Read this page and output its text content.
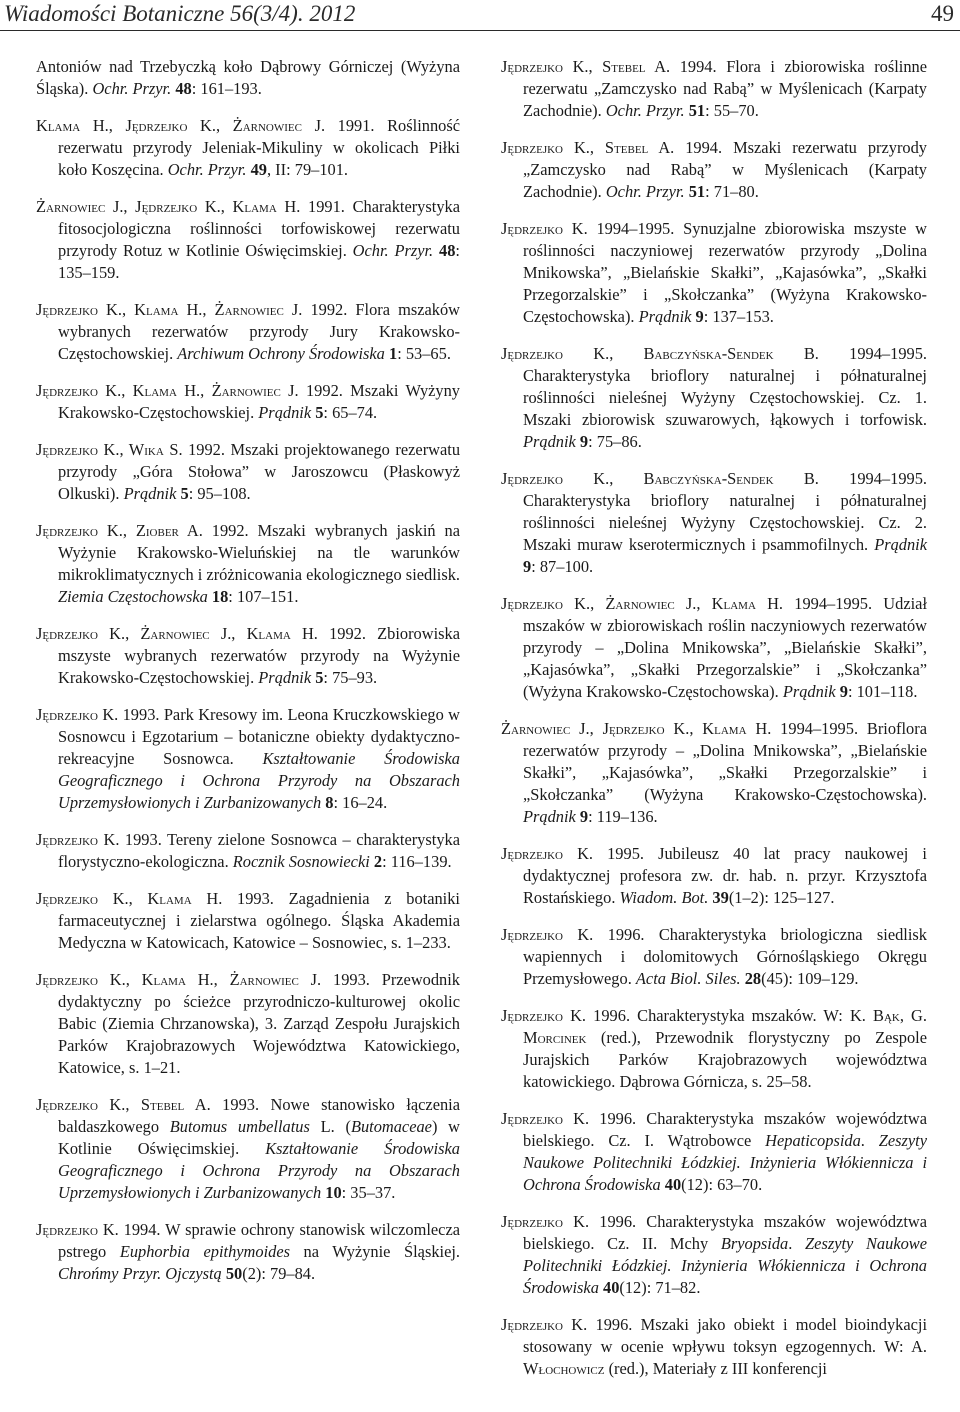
Wiadomości Botaniczne 56(3/4). 2012	49

Antoniów nad Trzebyczką koło Dąbrowy Górniczej (Wyżyna Śląska). Ochr. Przyr. 48: 161–193.

Klama H., Jędrzejko K., Żarnowiec J. 1991. Roślinność rezerwatu przyrody Jeleniak-Mikuliny w okolicach Piłki koło Koszęcina. Ochr. Przyr. 49, II: 79–101.

Żarnowiec J., Jędrzejko K., Klama H. 1991. Charakterystyka fitosocjologiczna roślinności torfowiskowej rezerwatu przyrody Rotuz w Kotlinie Oświęcimskiej. Ochr. Przyr. 48: 135–159.

Jędrzejko K., Klama H., Żarnowiec J. 1992. Flora mszaków wybranych rezerwatów przyrody Jury Krakowsko-Częstochowskiej. Archiwum Ochrony Środowiska 1: 53–65.

Jędrzejko K., Klama H., Żarnowiec J. 1992. Mszaki Wyżyny Krakowsko-Częstochowskiej. Prądnik 5: 65–74.

Jędrzejko K., Wika S. 1992. Mszaki projektowanego rezerwatu przyrody „Góra Stołowa” w Jaroszowcu (Płaskowyż Olkuski). Prądnik 5: 95–108.

Jędrzejko K., Ziober A. 1992. Mszaki wybranych jaskiń na Wyżynie Krakowsko-Wieluńskiej na tle warunków mikroklimatycznych i zróżnicowania ekologicznego siedlisk. Ziemia Częstochowska 18: 107–151.

Jędrzejko K., Żarnowiec J., Klama H. 1992. Zbiorowiska mszyste wybranych rezerwatów przyrody na Wyżynie Krakowsko-Częstochowskiej. Prądnik 5: 75–93.

Jędrzejko K. 1993. Park Kresowy im. Leona Kruczkowskiego w Sosnowcu i Egzotarium – botaniczne obiekty dydaktyczno-rekreacyjne Sosnowca. Kształtowanie Środowiska Geograficznego i Ochrona Przyrody na Obszarach Uprzemysłowionych i Zurbanizowanych 8: 16–24.

Jędrzejko K. 1993. Tereny zielone Sosnowca – charakterystyka florystyczno-ekologiczna. Rocznik Sosnowiecki 2: 116–139.

Jędrzejko K., Klama H. 1993. Zagadnienia z botaniki farmaceutycznej i zielarstwa ogólnego. Śląska Akademia Medyczna w Katowicach, Katowice – Sosnowiec, s. 1–233.

Jędrzejko K., Klama H., Żarnowiec J. 1993. Przewodnik dydaktyczny po ścieżce przyrodniczo-kulturowej okolic Babic (Ziemia Chrzanowska), 3. Zarząd Zespołu Jurajskich Parków Krajobrazowych Województwa Katowickiego, Katowice, s. 1–21.

Jędrzejko K., Stebel A. 1993. Nowe stanowisko łączenia baldaszkowego Butomus umbellatus L. (Butomaceae) w Kotlinie Oświęcimskiej. Kształtowanie Środowiska Geograficznego i Ochrona Przyrody na Obszarach Uprzemysłowionych i Zurbanizowanych 10: 35–37.

Jędrzejko K. 1994. W sprawie ochrony stanowisk wilczomlecza pstrego Euphorbia epithymoides na Wyżynie Śląskiej. Chrońmy Przyr. Ojczystą 50(2): 79–84.

Jędrzejko K., Stebel A. 1994. Flora i zbiorowiska roślinne rezerwatu „Zamczysko nad Rabą” w Myślenicach (Karpaty Zachodnie). Ochr. Przyr. 51: 55–70.

Jędrzejko K., Stebel A. 1994. Mszaki rezerwatu przyrody „Zamczysko nad Rabą” w Myślenicach (Karpaty Zachodnie). Ochr. Przyr. 51: 71–80.

Jędrzejko K. 1994–1995. Synuzjalne zbiorowiska mszyste w roślinności naczyniowej rezerwatów przyrody „Dolina Mnikowska”, „Bielańskie Skałki”, „Kajasówka”, „Skałki Przegorzalskie” i „Skołczanka” (Wyżyna Krakowsko-Częstochowska). Prądnik 9: 137–153.

Jędrzejko K., Babczyńska-Sendek B. 1994–1995. Charakterystyka brioflory naturalnej i półnaturalnej roślinności nieleśnej Wyżyny Częstochowskiej. Cz. 1. Mszaki zbiorowisk szuwarowych, łąkowych i torfowisk. Prądnik 9: 75–86.

Jędrzejko K., Babczyńska-Sendek B. 1994–1995. Charakterystyka brioflory naturalnej i półnaturalnej roślinności nieleśnej Wyżyny Częstochowskiej. Cz. 2. Mszaki muraw kserotermicznych i psammofilnych. Prądnik 9: 87–100.

Jędrzejko K., Żarnowiec J., Klama H. 1994–1995. Udział mszaków w zbiorowiskach roślin naczyniowych rezerwatów przyrody – „Dolina Mnikowska”, „Bielańskie Skałki”, „Kajasówka”, „Skałki Przegorzalskie” i „Skołczanka” (Wyżyna Krakowsko-Częstochowska). Prądnik 9: 101–118.

Żarnowiec J., Jędrzejko K., Klama H. 1994–1995. Brioflora rezerwatów przyrody – „Dolina Mnikowska”, „Bielańskie Skałki”, „Kajasówka”, „Skałki Przegorzalskie” i „Skołczanka” (Wyżyna Krakowsko-Częstochowska). Prądnik 9: 119–136.

Jędrzejko K. 1995. Jubileusz 40 lat pracy naukowej i dydaktycznej profesora zw. dr. hab. n. przyr. Krzysztofa Rostańskiego. Wiadom. Bot. 39(1–2): 125–127.

Jędrzejko K. 1996. Charakterystyka briologiczna siedlisk wapiennych i dolomitowych Górnośląskiego Okręgu Przemysłowego. Acta Biol. Siles. 28(45): 109–129.

Jędrzejko K. 1996. Charakterystyka mszaków. W: K. Bąk, G. Morcinek (red.), Przewodnik florystyczny po Zespole Jurajskich Parków Krajobrazowych województwa katowickiego. Dąbrowa Górnicza, s. 25–58.

Jędrzejko K. 1996. Charakterystyka mszaków województwa bielskiego. Cz. I. Wątrobowce Hepaticopsida. Zeszyty Naukowe Politechniki Łódzkiej. Inżynieria Włókiennicza i Ochrona Środowiska 40(12): 63–70.

Jędrzejko K. 1996. Charakterystyka mszaków województwa bielskiego. Cz. II. Mchy Bryopsida. Zeszyty Naukowe Politechniki Łódzkiej. Inżynieria Włókiennicza i Ochrona Środowiska 40(12): 71–82.

Jędrzejko K. 1996. Mszaki jako obiekt i model bioindykacji stosowany w ocenie wpływu toksyn egzogennych. W: A. Włochowicz (red.), Materiały z III konferencji
